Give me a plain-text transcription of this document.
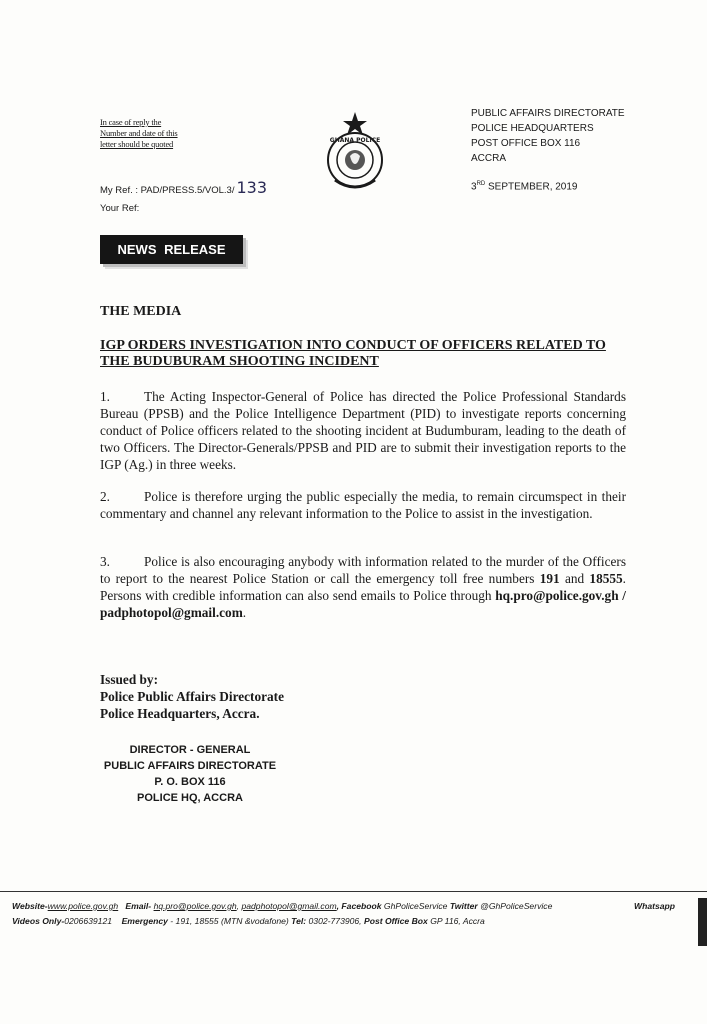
In case of reply the
Number and date of this
letter should be quoted
My Ref. : PAD/PRESS.5/VOL.3/ 133
Your Ref:
GHANA POLICE
PUBLIC AFFAIRS DIRECTORATE
POLICE HEADQUARTERS
POST OFFICE BOX 116
ACCRA
3RD SEPTEMBER, 2019
NEWS RELEASE
THE MEDIA
IGP ORDERS INVESTIGATION INTO CONDUCT OF OFFICERS RELATED TO THE BUDUBURAM SHOOTING INCIDENT
1.	The Acting Inspector-General of Police has directed the Police Professional Standards Bureau (PPSB) and the Police Intelligence Department (PID) to investigate reports concerning conduct of Police officers related to the shooting incident at Budumburam, leading to the death of two Officers. The Director-Generals/PPSB and PID are to submit their investigation reports to the IGP (Ag.) in three weeks.
2.	Police is therefore urging the public especially the media, to remain circumspect in their commentary and channel any relevant information to the Police to assist in the investigation.
3.	Police is also encouraging anybody with information related to the murder of the Officers to report to the nearest Police Station or call the emergency toll free numbers 191 and 18555. Persons with credible information can also send emails to Police through hq.pro@police.gov.gh / padphotopol@gmail.com.
Issued by:
Police Public Affairs Directorate
Police Headquarters, Accra.
DIRECTOR - GENERAL
PUBLIC AFFAIRS DIRECTORATE
P. O. BOX 116
POLICE HQ, ACCRA
Website-www.police.gov.gh Email- hq.pro@police.gov.gh, padphotopol@gmail.com, Facebook GhPoliceService Twitter @GhPoliceService	Whatsapp
Videos Only-0206639121 Emergency - 191, 18555 (MTN &vodafone) Tel: 0302-773906, Post Office Box GP 116, Accra
